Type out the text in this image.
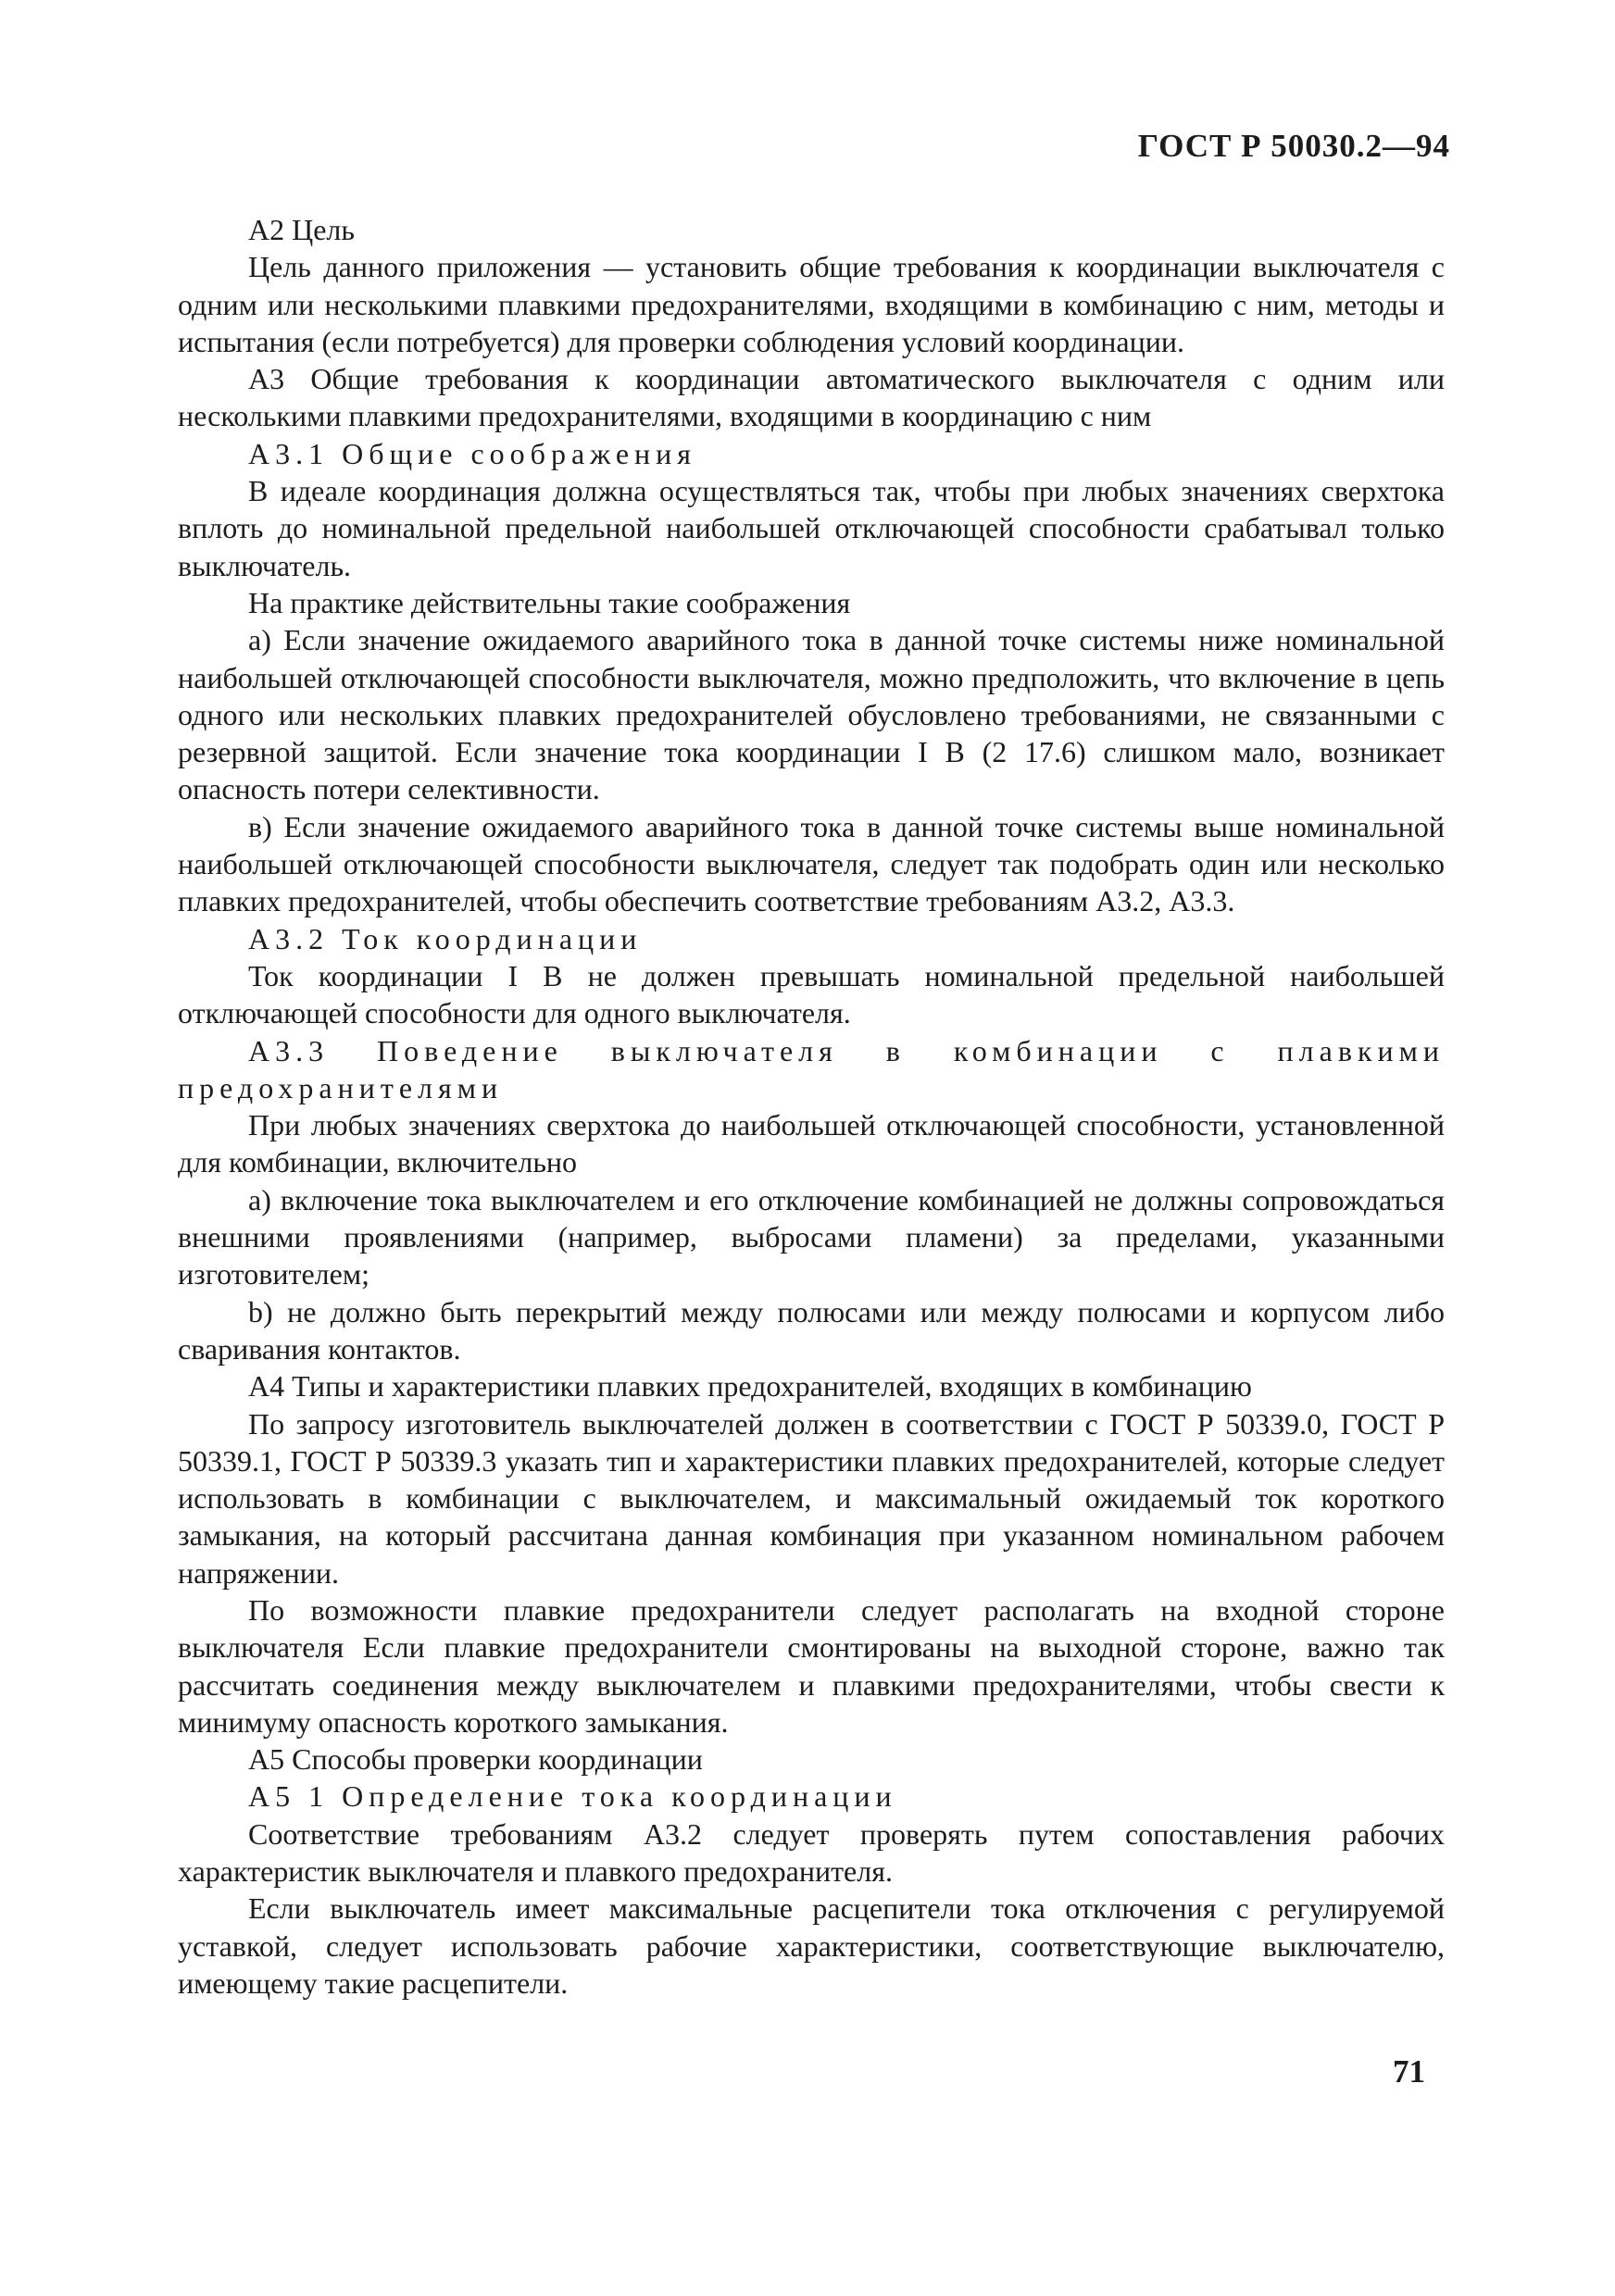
ГОСТ Р 50030.2—94

А2 Цель

Цель данного приложения — установить общие требования к координации выключателя с одним или несколькими плавкими предохранителями, входящими в комбинацию с ним, методы и испытания (если потребуется) для проверки соблюдения условий координации.

А3 Общие требования к координации автоматического выключателя с одним или несколькими плавкими предохранителями, входящими в координацию с ним

А3.1 Общие соображения

В идеале координация должна осуществляться так, чтобы при любых значениях сверхтока вплоть до номинальной предельной наибольшей отключающей способности срабатывал только выключатель.

На практике действительны такие соображения

а) Если значение ожидаемого аварийного тока в данной точке системы ниже номинальной наибольшей отключающей способности выключателя, можно предположить, что включение в цепь одного или нескольких плавких предохранителей обусловлено требованиями, не связанными с резервной защитой. Если значение тока координации I B (2 17.6) слишком мало, возникает опасность потери селективности.

в) Если значение ожидаемого аварийного тока в данной точке системы выше номинальной наибольшей отключающей способности выключателя, следует так подобрать один или несколько плавких предохранителей, чтобы обеспечить соответствие требованиям А3.2, А3.3.

А3.2 Ток координации

Ток координации I B не должен превышать номинальной предельной наибольшей отключающей способности для одного выключателя.

А3.3 Поведение выключателя в комбинации с плавкими предохранителями

При любых значениях сверхтока до наибольшей отключающей способности, установленной для комбинации, включительно

а) включение тока выключателем и его отключение комбинацией не должны сопровождаться внешними проявлениями (например, выбросами пламени) за пределами, указанными изготовителем;

b) не должно быть перекрытий между полюсами или между полюсами и корпусом либо сваривания контактов.

А4 Типы и характеристики плавких предохранителей, входящих в комбинацию

По запросу изготовитель выключателей должен в соответствии с ГОСТ Р 50339.0, ГОСТ Р 50339.1, ГОСТ Р 50339.3 указать тип и характеристики плавких предохранителей, которые следует использовать в комбинации с выключателем, и максимальный ожидаемый ток короткого замыкания, на который рассчитана данная комбинация при указанном номинальном рабочем напряжении.

По возможности плавкие предохранители следует располагать на входной стороне выключателя Если плавкие предохранители смонтированы на выходной стороне, важно так рассчитать соединения между выключателем и плавкими предохранителями, чтобы свести к минимуму опасность короткого замыкания.

А5 Способы проверки координации

А5 1 Определение тока координации

Соответствие требованиям А3.2 следует проверять путем сопоставления рабочих характеристик выключателя и плавкого предохранителя.

Если выключатель имеет максимальные расцепители тока отключения с регулируемой уставкой, следует использовать рабочие характеристики, соответствующие выключателю, имеющему такие расцепители.

71
